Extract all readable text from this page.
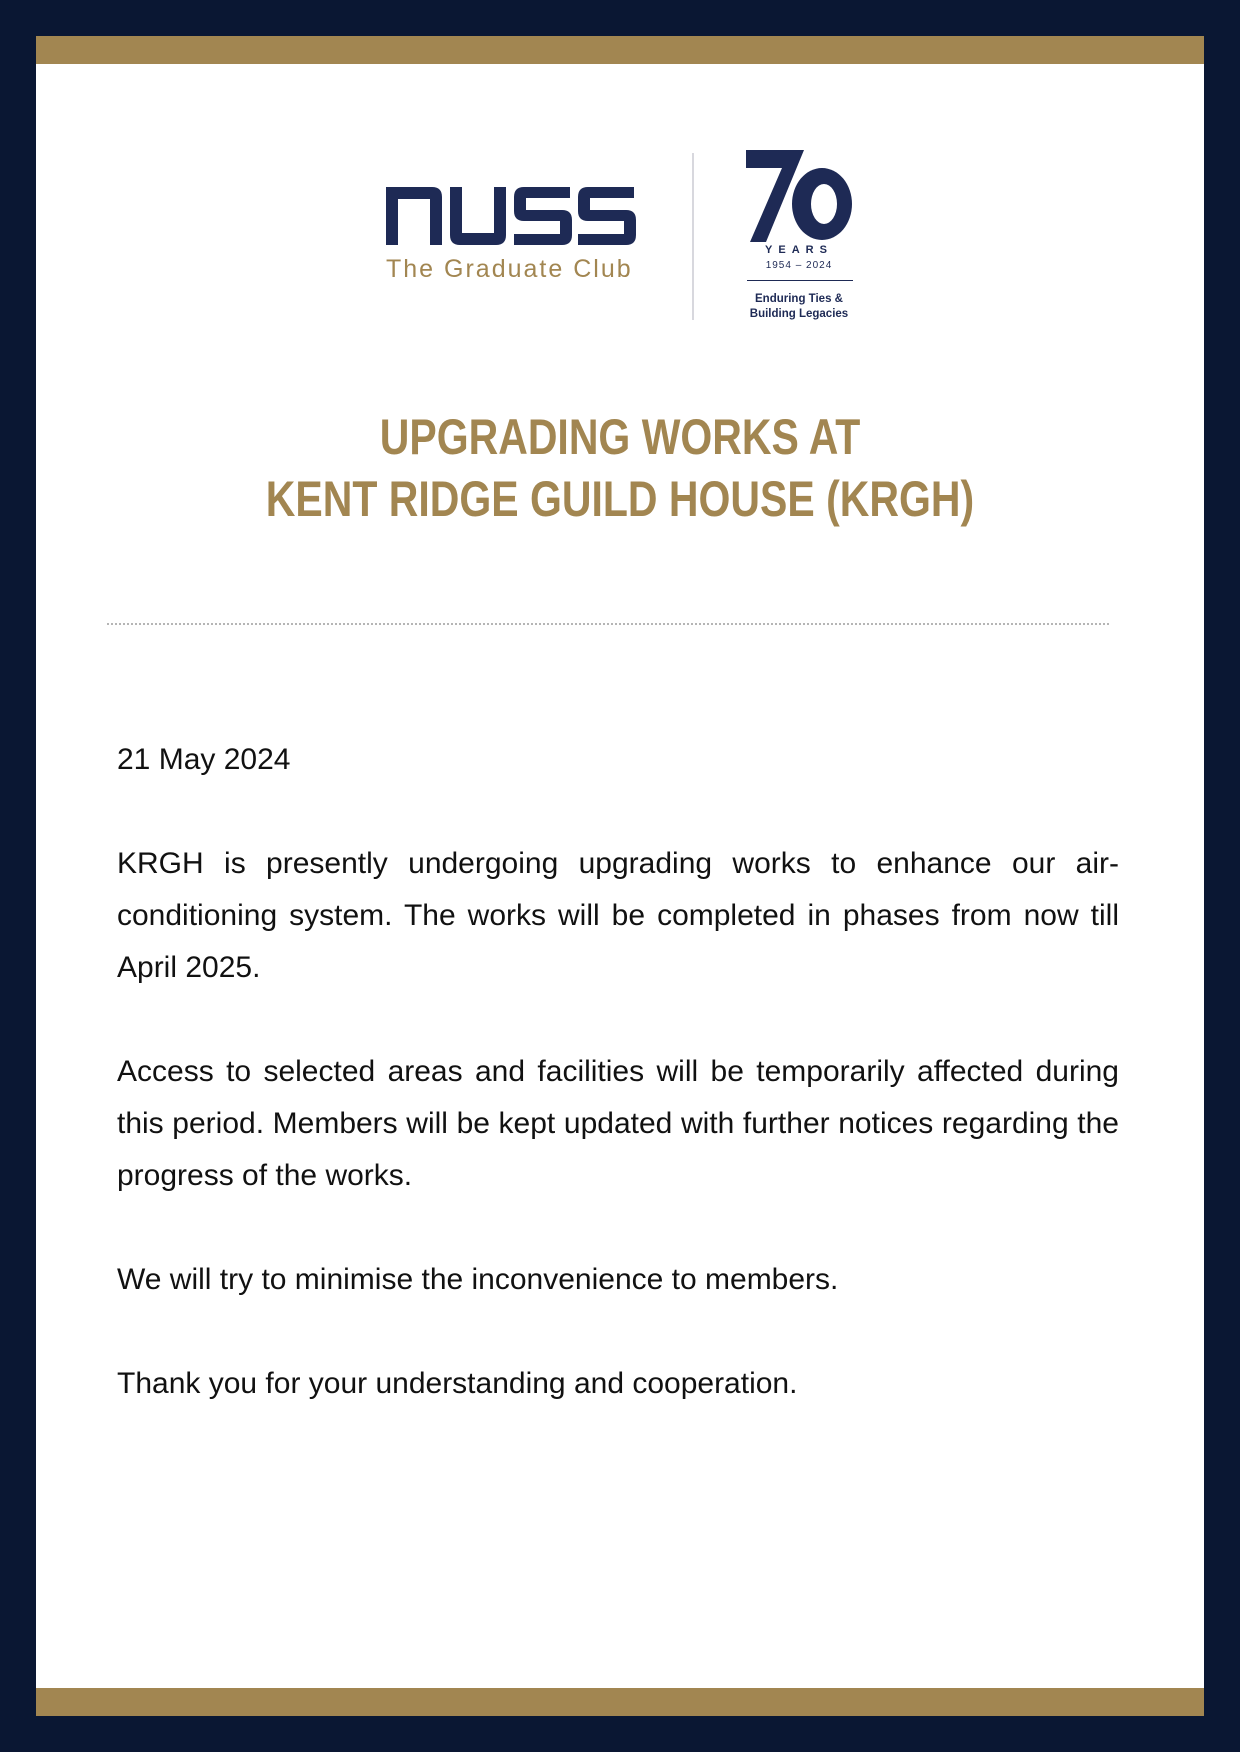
The Graduate Club
YEARS
1954 – 2024
Enduring Ties &
Building Legacies
UPGRADING WORKS AT
KENT RIDGE GUILD HOUSE (KRGH)

21 May 2024

KRGH is presently undergoing upgrading works to enhance our air-conditioning system. The works will be completed in phases from now till April 2025.

Access to selected areas and facilities will be temporarily affected during this period. Members will be kept updated with further notices regarding the progress of the works.

We will try to minimise the inconvenience to members.

Thank you for your understanding and cooperation.
